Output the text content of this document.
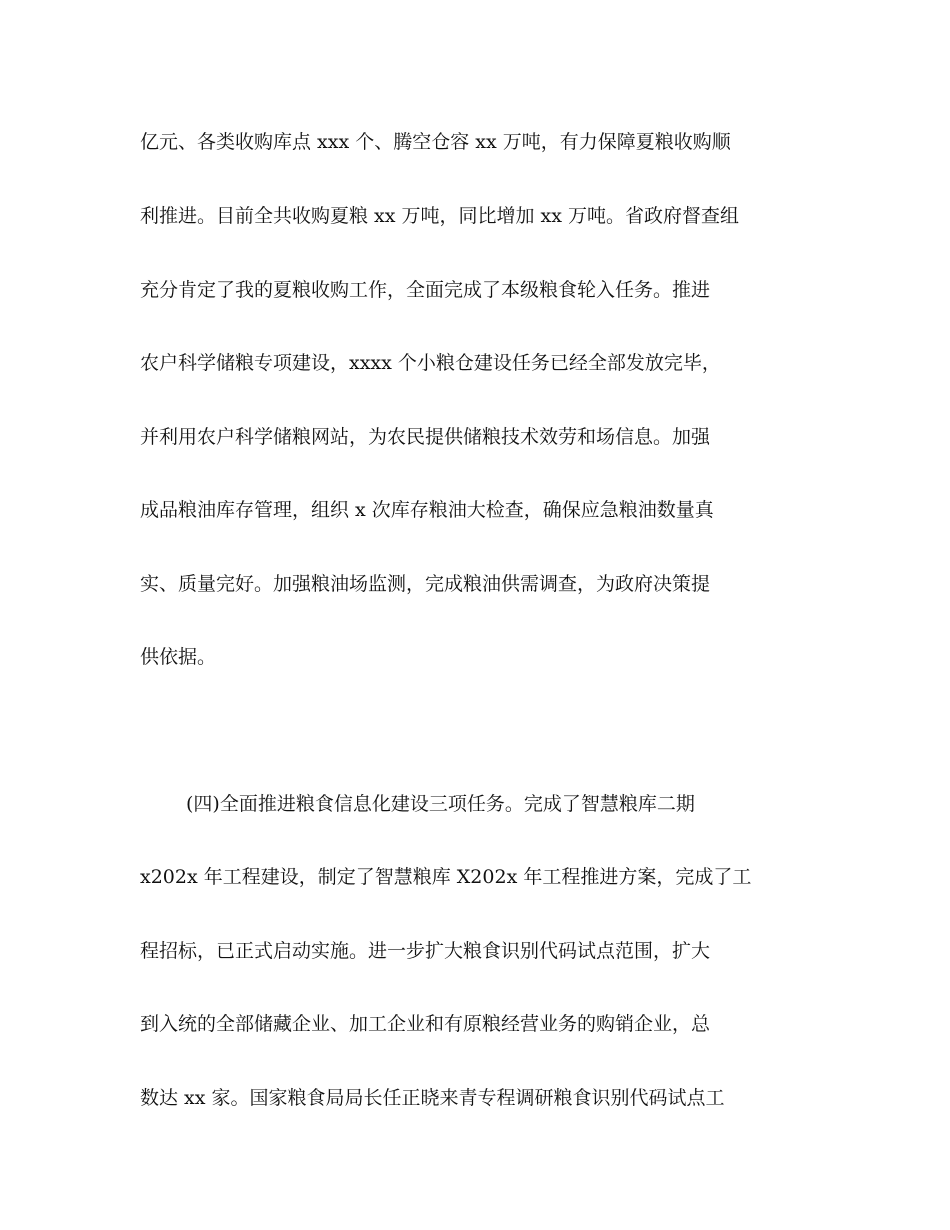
亿元、各类收购库点 xxx 个、腾空仓容 xx 万吨，有力保障夏粮收购顺
利推进。目前全共收购夏粮 xx 万吨，同比增加 xx 万吨。省政府督查组
充分肯定了我的夏粮收购工作，全面完成了本级粮食轮入任务。推进
农户科学储粮专项建设，xxxx 个小粮仓建设任务已经全部发放完毕，
并利用农户科学储粮网站，为农民提供储粮技术效劳和场信息。加强
成品粮油库存管理，组织 x 次库存粮油大检查，确保应急粮油数量真
实、质量完好。加强粮油场监测，完成粮油供需调查，为政府决策提
供依据。
(四)全面推进粮食信息化建设三项任务。完成了智慧粮库二期
x202x 年工程建设，制定了智慧粮库 X202x 年工程推进方案，完成了工
程招标，已正式启动实施。进一步扩大粮食识别代码试点范围，扩大
到入统的全部储藏企业、加工企业和有原粮经营业务的购销企业，总
数达 xx 家。国家粮食局局长任正晓来青专程调研粮食识别代码试点工
